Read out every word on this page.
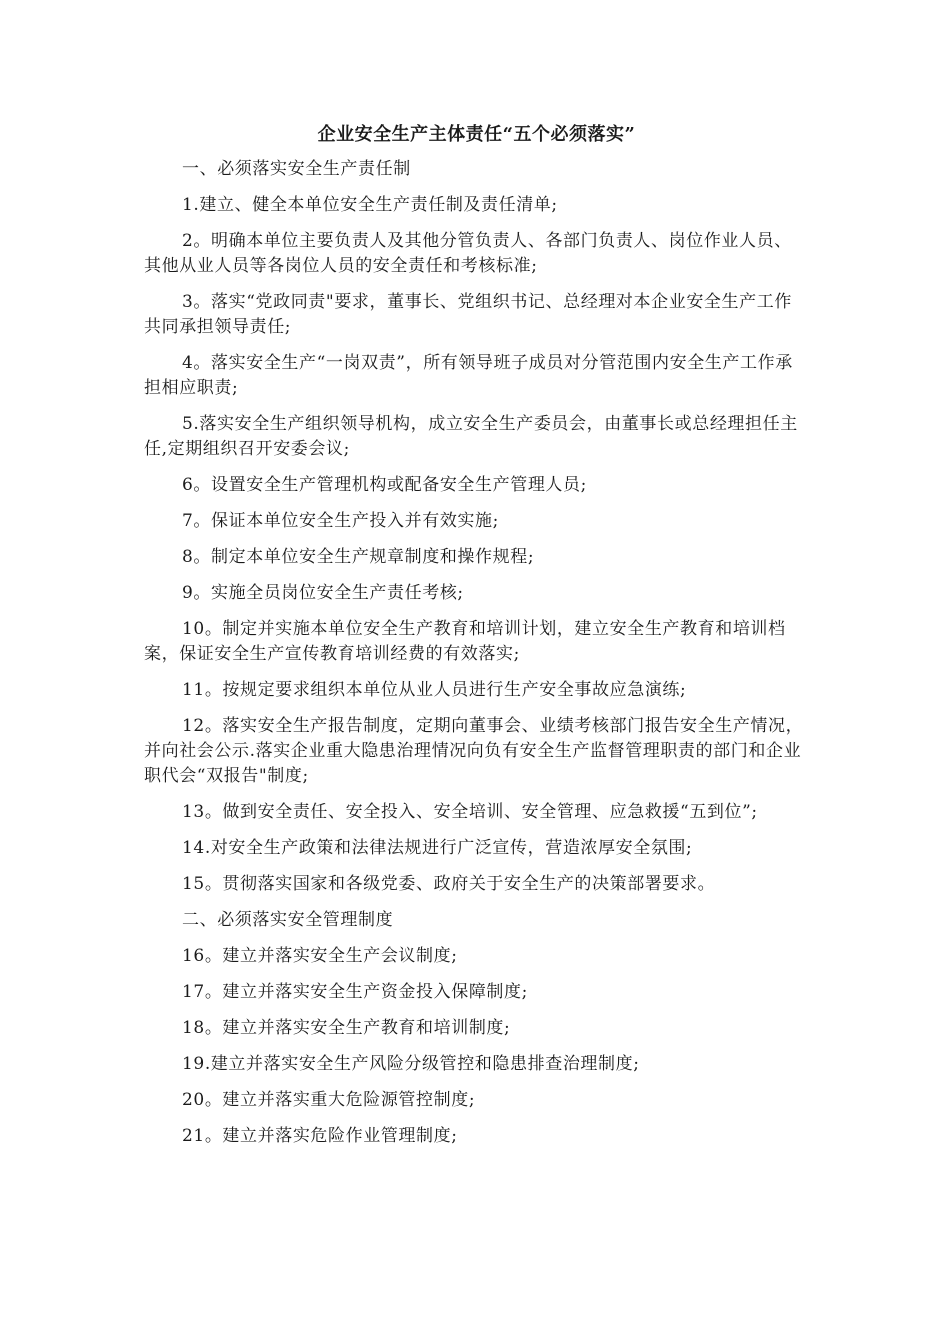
企业安全生产主体责任“五个必须落实”

一、必须落实安全生产责任制

1.建立、健全本单位安全生产责任制及责任清单;

2。明确本单位主要负责人及其他分管负责人、各部门负责人、岗位作业人员、其他从业人员等各岗位人员的安全责任和考核标准;

3。落实“党政同责"要求，董事长、党组织书记、总经理对本企业安全生产工作共同承担领导责任;

4。落实安全生产“一岗双责”，所有领导班子成员对分管范围内安全生产工作承担相应职责;

5.落实安全生产组织领导机构，成立安全生产委员会，由董事长或总经理担任主任,定期组织召开安委会议;

6。设置安全生产管理机构或配备安全生产管理人员;

7。保证本单位安全生产投入并有效实施;

8。制定本单位安全生产规章制度和操作规程;

9。实施全员岗位安全生产责任考核;

10。制定并实施本单位安全生产教育和培训计划，建立安全生产教育和培训档案，保证安全生产宣传教育培训经费的有效落实;

11。按规定要求组织本单位从业人员进行生产安全事故应急演练;

12。落实安全生产报告制度，定期向董事会、业绩考核部门报告安全生产情况，并向社会公示.落实企业重大隐患治理情况向负有安全生产监督管理职责的部门和企业职代会“双报告"制度;

13。做到安全责任、安全投入、安全培训、安全管理、应急救援“五到位”;

14.对安全生产政策和法律法规进行广泛宣传，营造浓厚安全氛围;

15。贯彻落实国家和各级党委、政府关于安全生产的决策部署要求。

二、必须落实安全管理制度

16。建立并落实安全生产会议制度;

17。建立并落实安全生产资金投入保障制度;

18。建立并落实安全生产教育和培训制度;

19.建立并落实安全生产风险分级管控和隐患排查治理制度;

20。建立并落实重大危险源管控制度;

21。建立并落实危险作业管理制度;
